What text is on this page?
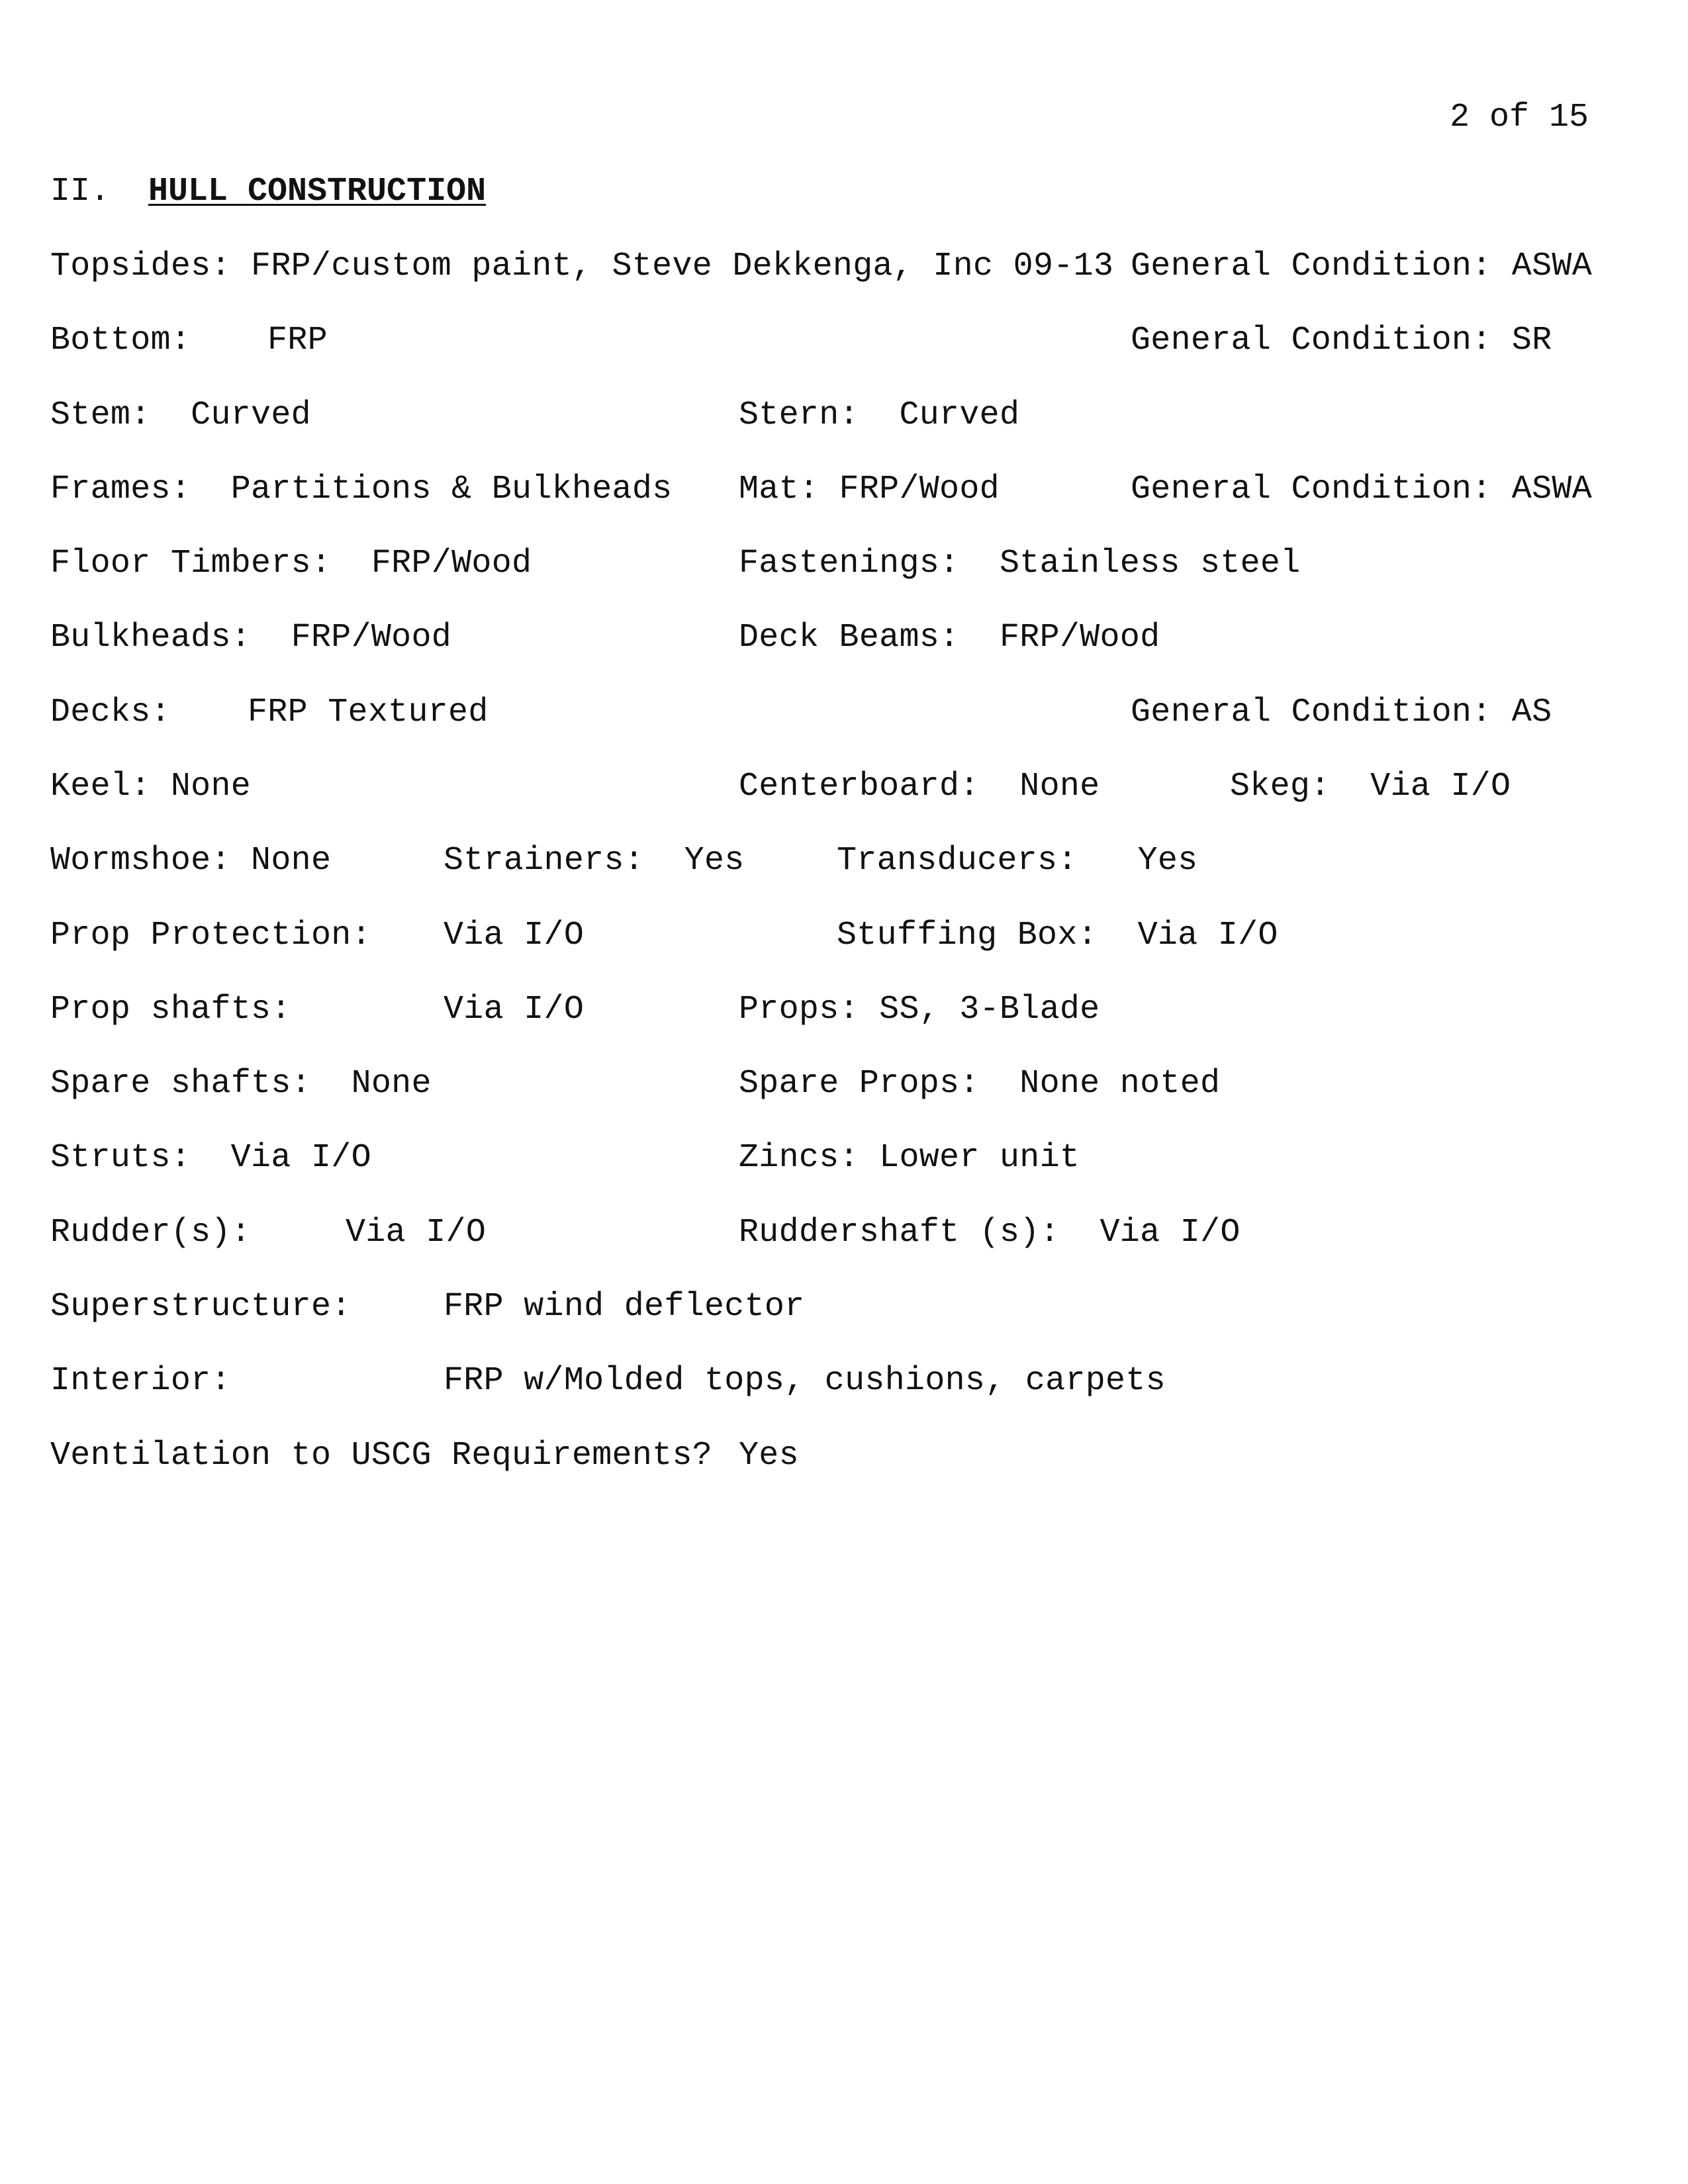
2 of 15
II. HULL CONSTRUCTION
Topsides: FRP/custom paint, Steve Dekkenga, Inc 09-13 General Condition: ASWA
Bottom: FRP	General Condition: SR
Stem:  Curved	Stern:  Curved
Frames:  Partitions & Bulkheads Mat: FRP/Wood	General Condition: ASWA
Floor Timbers:  FRP/Wood	Fastenings:  Stainless steel
Bulkheads:  FRP/Wood	Deck Beams:  FRP/Wood
Decks: FRP Textured	General Condition: AS
Keel: None	Centerboard:  None	Skeg:  Via I/O
Wormshoe: None	Strainers:  Yes	Transducers:   Yes
Prop Protection: Via I/O	Stuffing Box:  Via I/O
Prop shafts:	Via I/O	Props: SS, 3-Blade
Spare shafts:  None	Spare Props:  None noted
Struts:  Via I/O	Zincs: Lower unit
Rudder(s):	Via I/O	Ruddershaft (s):  Via I/O
Superstructure:	FRP wind deflector
Interior:	FRP w/Molded tops, cushions, carpets
Ventilation to USCG Requirements? Yes
